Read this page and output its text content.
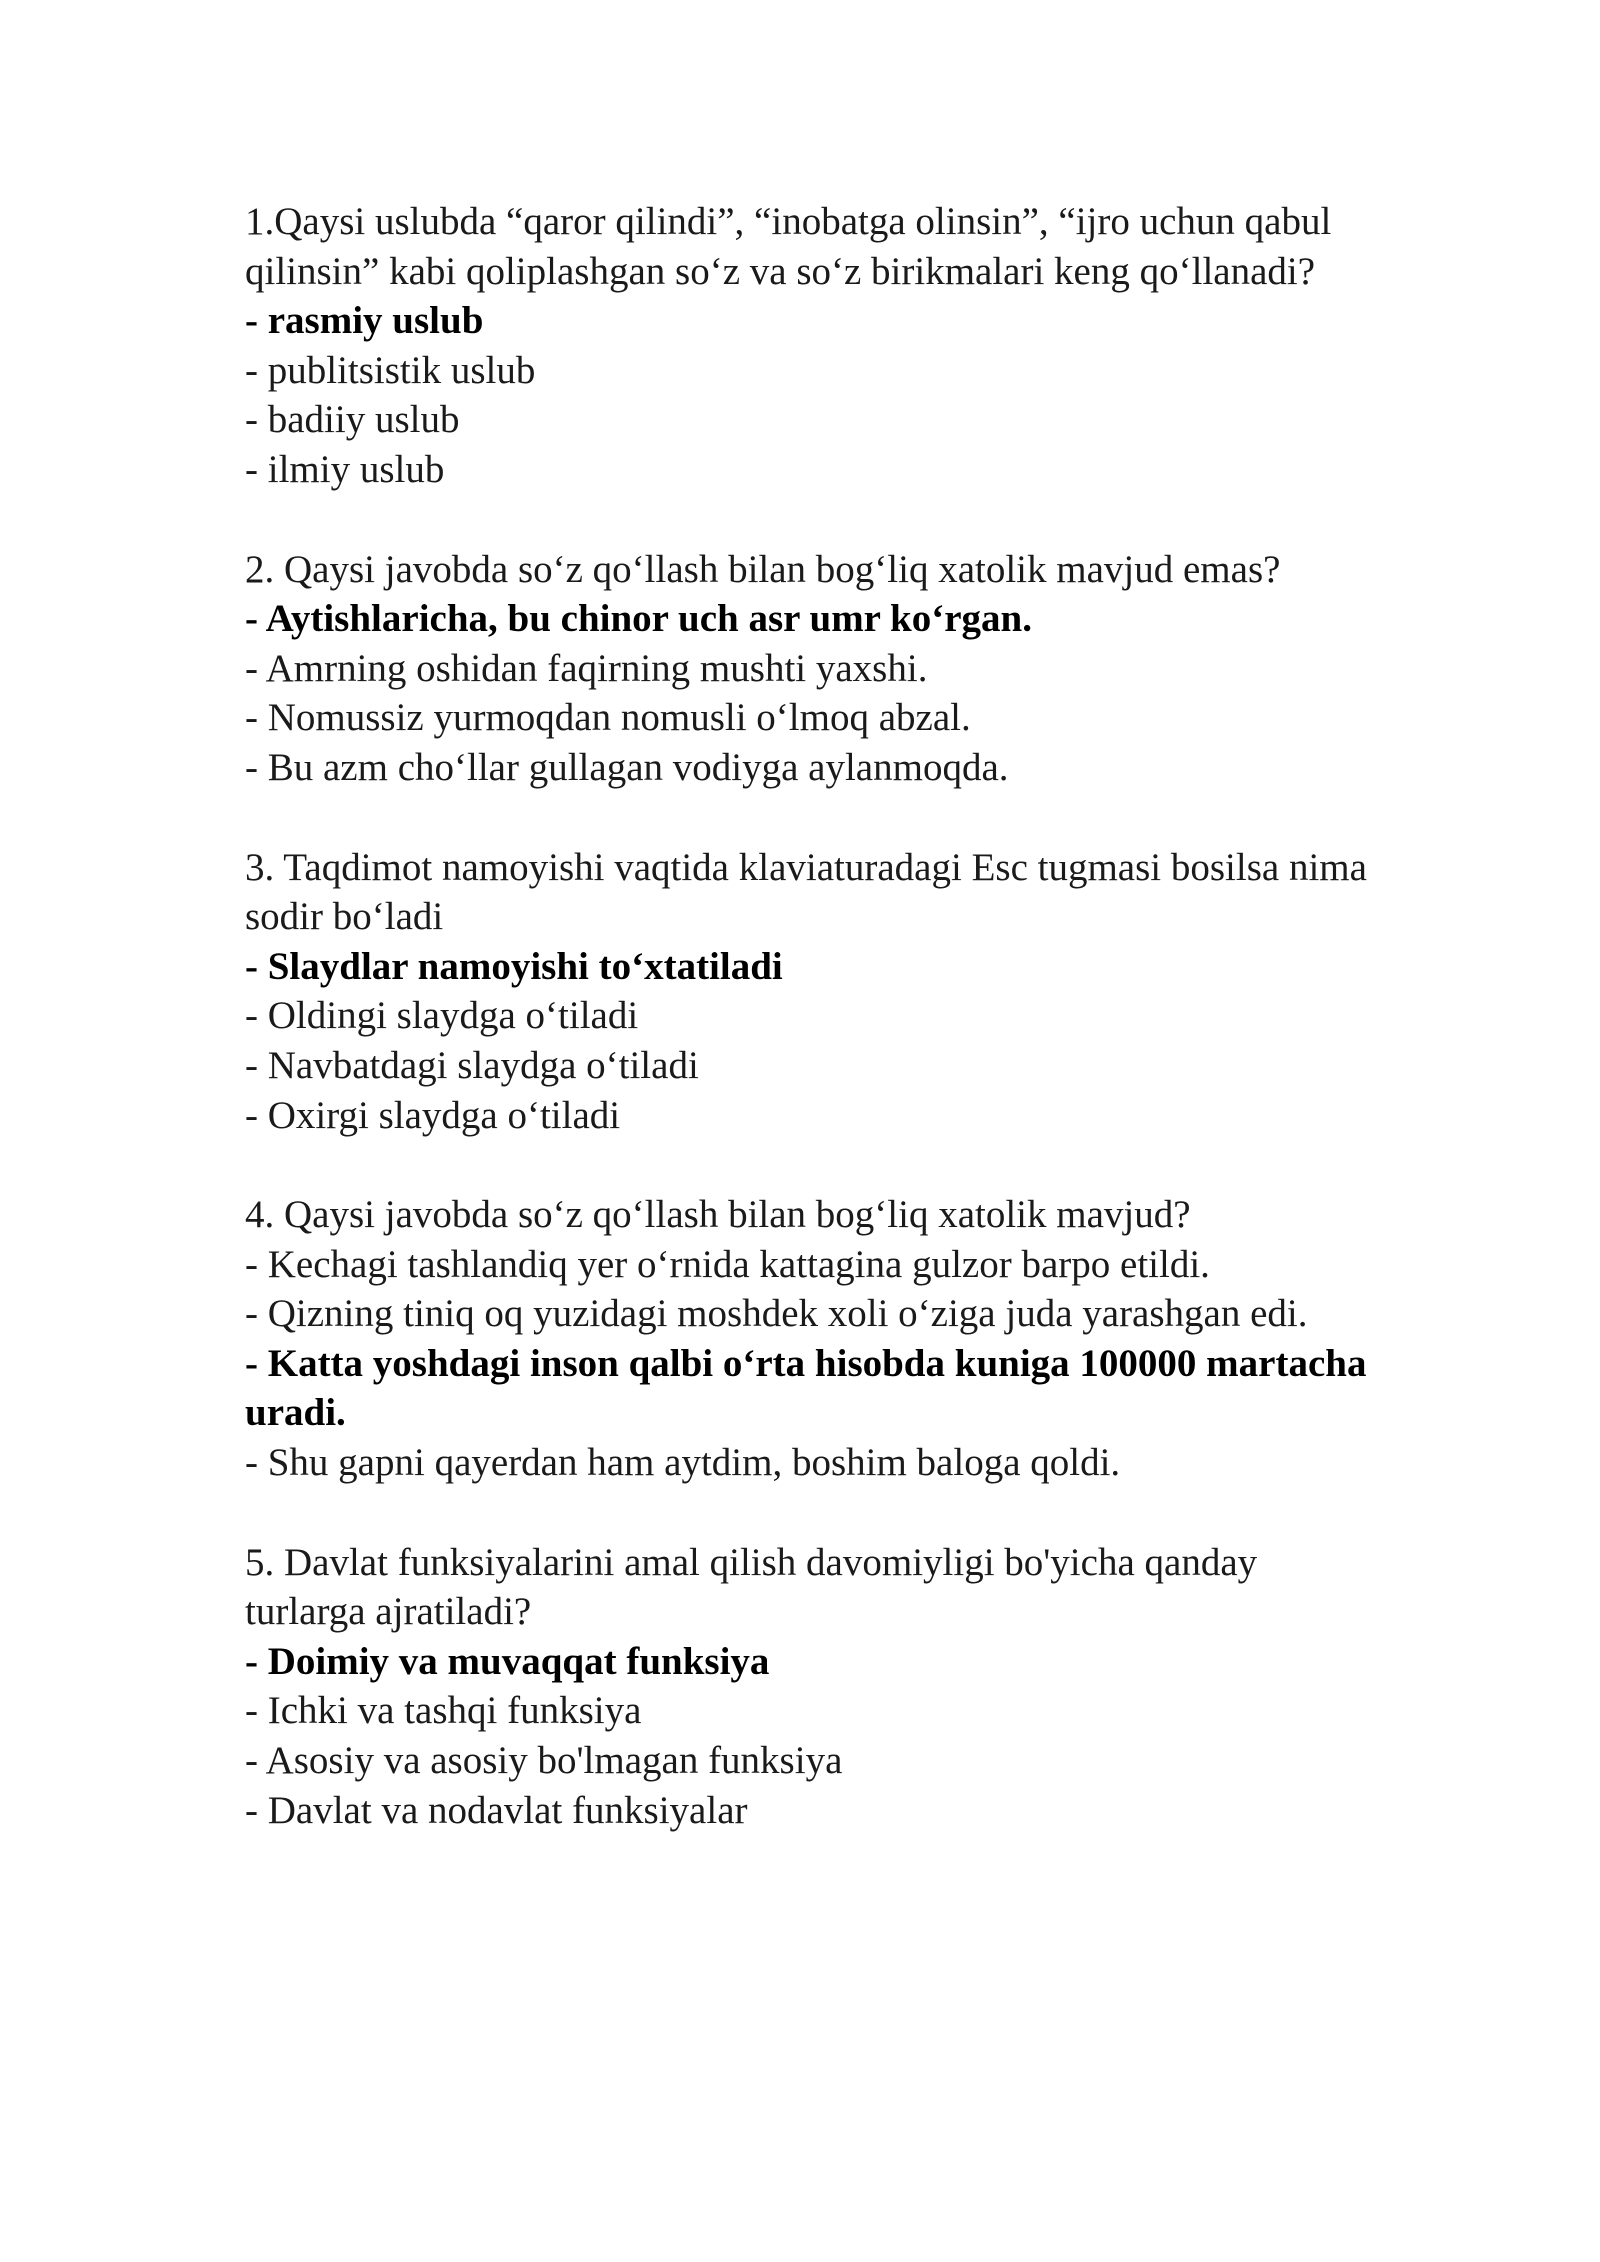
1.Qaysi uslubda “qaror qilindi”, “inobatga olinsin”, “ijro uchun qabul qilinsin” kabi qoliplashgan so‘z va so‘z birikmalari keng qo‘llanadi?

- rasmiy uslub

- publitsistik uslub

- badiiy uslub

- ilmiy uslub

2. Qaysi javobda so‘z qo‘llash bilan bog‘liq xatolik mavjud emas?

- Aytishlaricha, bu chinor uch asr umr ko‘rgan.

- Amrning oshidan faqirning mushti yaxshi.

- Nomussiz yurmoqdan nomusli o‘lmoq abzal.

- Bu azm cho‘llar gullagan vodiyga aylanmoqda.

3. Taqdimot namoyishi vaqtida klaviaturadagi Esc tugmasi bosilsa nima sodir bo‘ladi

- Slaydlar namoyishi to‘xtatiladi

- Oldingi slaydga o‘tiladi

- Navbatdagi slaydga o‘tiladi

- Oxirgi slaydga o‘tiladi

4. Qaysi javobda so‘z qo‘llash bilan bog‘liq xatolik mavjud?

- Kechagi tashlandiq yer o‘rnida kattagina gulzor barpo etildi.

- Qizning tiniq oq yuzidagi moshdek xoli o‘ziga juda yarashgan edi.

- Katta yoshdagi inson qalbi o‘rta hisobda kuniga 100000 martacha uradi.

- Shu gapni qayerdan ham aytdim, boshim baloga qoldi.

5. Davlat funksiyalarini amal qilish davomiyligi bo'yicha qanday turlarga ajratiladi?

- Doimiy va muvaqqat funksiya

- Ichki va tashqi funksiya

- Asosiy va asosiy bo'lmagan funksiya

- Davlat va nodavlat funksiyalar
